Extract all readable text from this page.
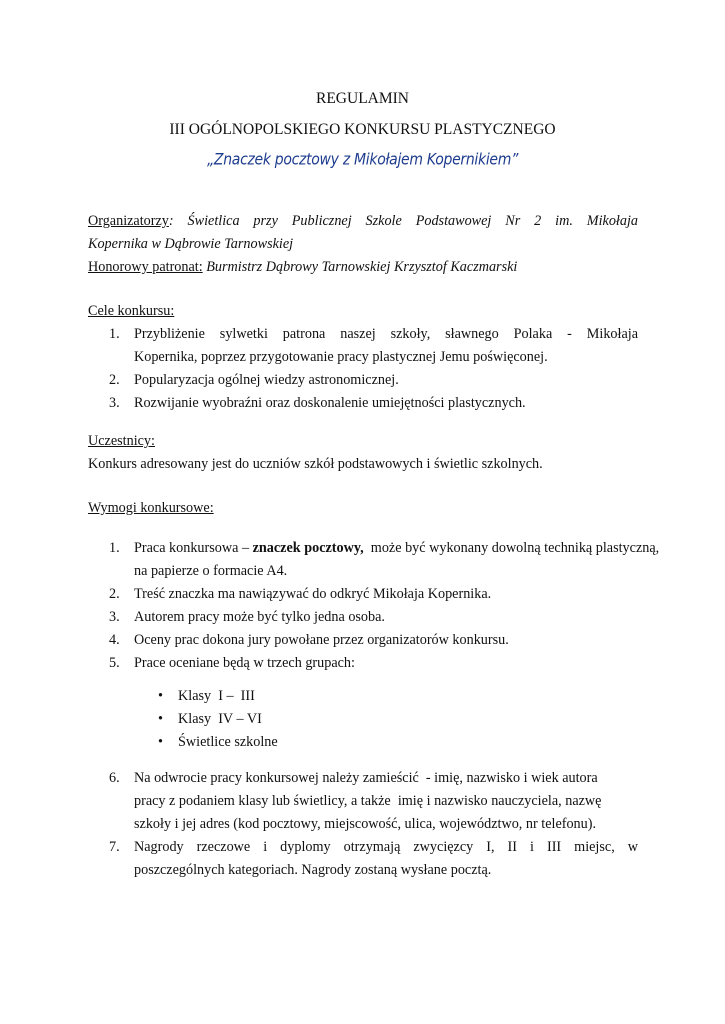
REGULAMIN
III OGÓLNOPOLSKIEGO KONKURSU PLASTYCZNEGO
„Znaczek pocztowy z Mikołajem Kopernikiem”
Organizatorzy: Świetlica przy Publicznej Szkole Podstawowej Nr 2 im. Mikołaja
Kopernika w Dąbrowie Tarnowskiej
Honorowy patronat: Burmistrz Dąbrowy Tarnowskiej Krzysztof Kaczmarski
Cele konkursu:
1. Przybliżenie sylwetki patrona naszej szkoły, sławnego Polaka - Mikołaja
Kopernika, poprzez przygotowanie pracy plastycznej Jemu poświęconej.
2. Popularyzacja ogólnej wiedzy astronomicznej.
3. Rozwijanie wyobraźni oraz doskonalenie umiejętności plastycznych.
Uczestnicy:
Konkurs adresowany jest do uczniów szkół podstawowych i świetlic szkolnych.
Wymogi konkursowe:
1. Praca konkursowa – znaczek pocztowy,  może być wykonany dowolną techniką plastyczną,
na papierze o formacie A4.
2. Treść znaczka ma nawiązywać do odkryć Mikołaja Kopernika.
3. Autorem pracy może być tylko jedna osoba.
4. Oceny prac dokona jury powołane przez organizatorów konkursu.
5. Prace oceniane będą w trzech grupach:
• Klasy  I –  III
• Klasy  IV – VI
• Świetlice szkolne
6. Na odwrocie pracy konkursowej należy zamieścić  - imię, nazwisko i wiek autora
pracy z podaniem klasy lub świetlicy, a także  imię i nazwisko nauczyciela, nazwę
szkoły i jej adres (kod pocztowy, miejscowość, ulica, województwo, nr telefonu).
7. Nagrody rzeczowe i dyplomy otrzymają zwycięzcy I, II i III miejsc, w
poszczególnych kategoriach. Nagrody zostaną wysłane pocztą.
